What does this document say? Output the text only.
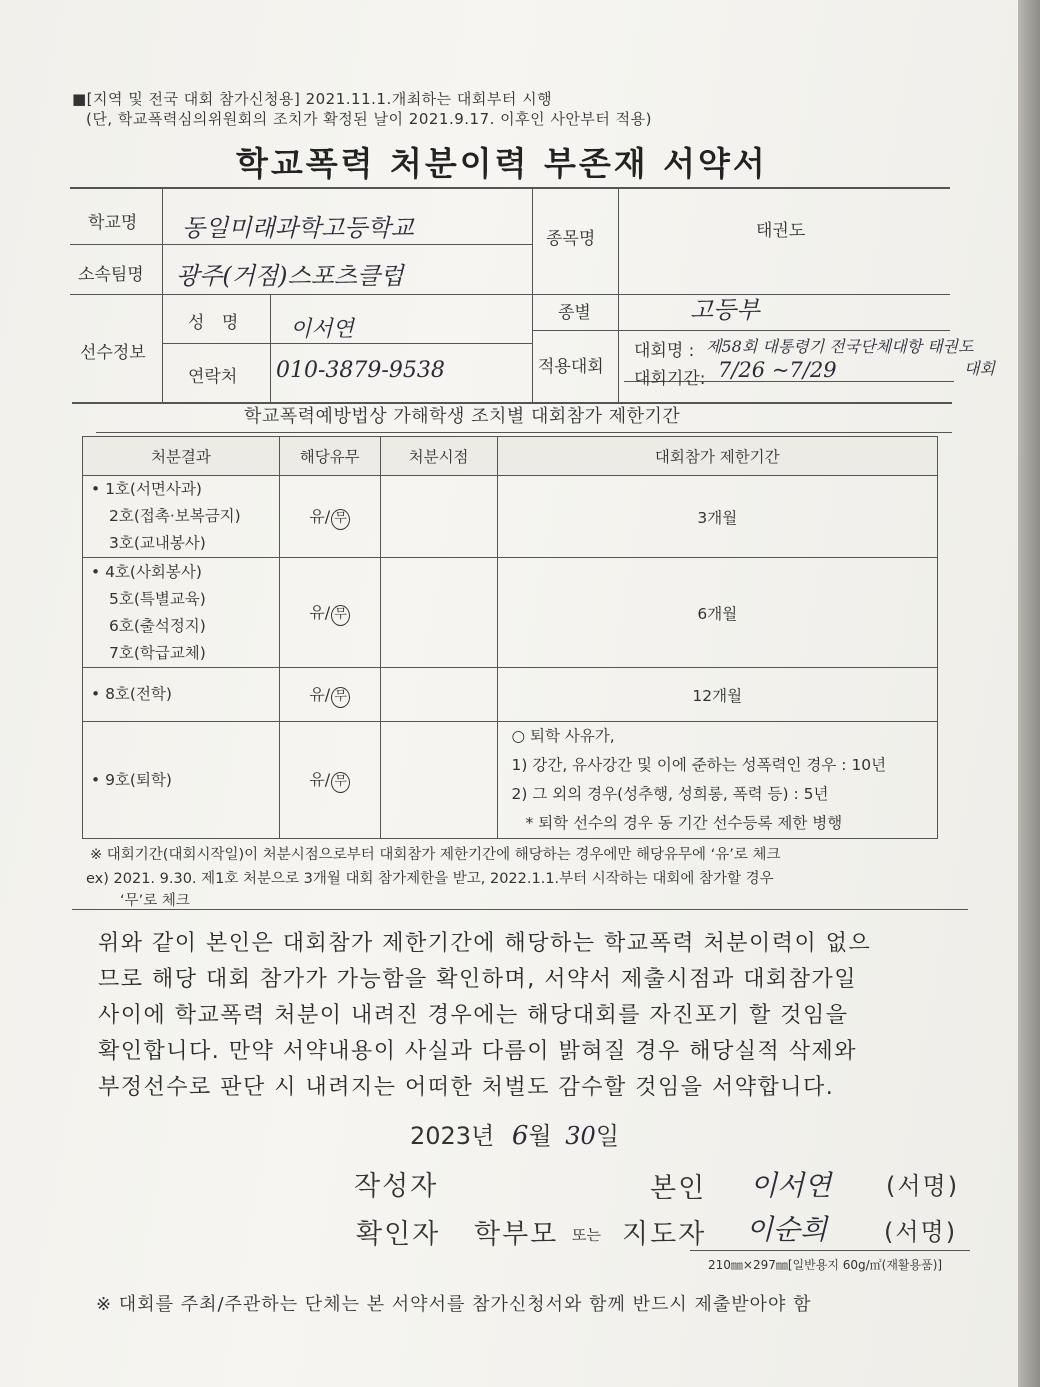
■[지역 및 전국 대회 참가신청용] 2021.11.1.개최하는 대회부터 시행
(단, 학교폭력심의위원회의 조치가 확정된 날이 2021.9.17. 이후인 사안부터 적용)
학교폭력 처분이력 부존재 서약서
학교명 동일미래과학고등학교
소속팀명 광주(거점)스포츠클럽
종목명	태권도
선수정보
성 명 이서연
연락처 010-3879-9538
종별	고등부
적용대회
대회명 : 제58회 대통령기 전국단체대항 태권도
대회
대회기간: 7/26 ~7/29
학교폭력예방법상 가해학생 조치별 대회참가 제한기간
처분결과	해당유무	처분시점	대회참가 제한기간

• 1호(서면사과)
2호(접촉·보복금지)
3호(교내봉사)	유/ 무		3개월

• 4호(사회봉사)
5호(특별교육)
6호(출석정지)
7호(학급교체)	유/ 무		6개월

• 8호(전학)	유/ 무		12개월

• 9호(퇴학)	유/ 무		○ 퇴학 사유가,
1) 강간, 유사강간 및 이에 준하는 성폭력인 경우 : 10년
2) 그 외의 경우(성추행, 성희롱, 폭력 등) : 5년
* 퇴학 선수의 경우 동 기간 선수등록 제한 병행
※ 대회기간(대회시작일)이 처분시점으로부터 대회참가 제한기간에 해당하는 경우에만 해당유무에 ‘유’로 체크
ex) 2021. 9.30. 제1호 처분으로 3개월 대회 참가제한을 받고, 2022.1.1.부터 시작하는 대회에 참가할 경우
‘무’로 체크
위와 같이 본인은 대회참가 제한기간에 해당하는 학교폭력 처분이력이 없으
므로 해당 대회 참가가 가능함을 확인하며, 서약서 제출시점과 대회참가일
사이에 학교폭력 처분이 내려진 경우에는 해당대회를 자진포기 할 것임을
확인합니다. 만약 서약내용이 사실과 다름이 밝혀질 경우 해당실적 삭제와
부정선수로 판단 시 내려지는 어떠한 처벌도 감수할 것임을 서약합니다.
2023년 6월 30일
작성자	본인 이서연 (서명)
확인자 학부모 또는 지도자 이순희 (서명)
210㎜×297㎜[일반용지 60g/㎡(재활용품)]
※ 대회를 주최/주관하는 단체는 본 서약서를 참가신청서와 함께 반드시 제출받아야 함
